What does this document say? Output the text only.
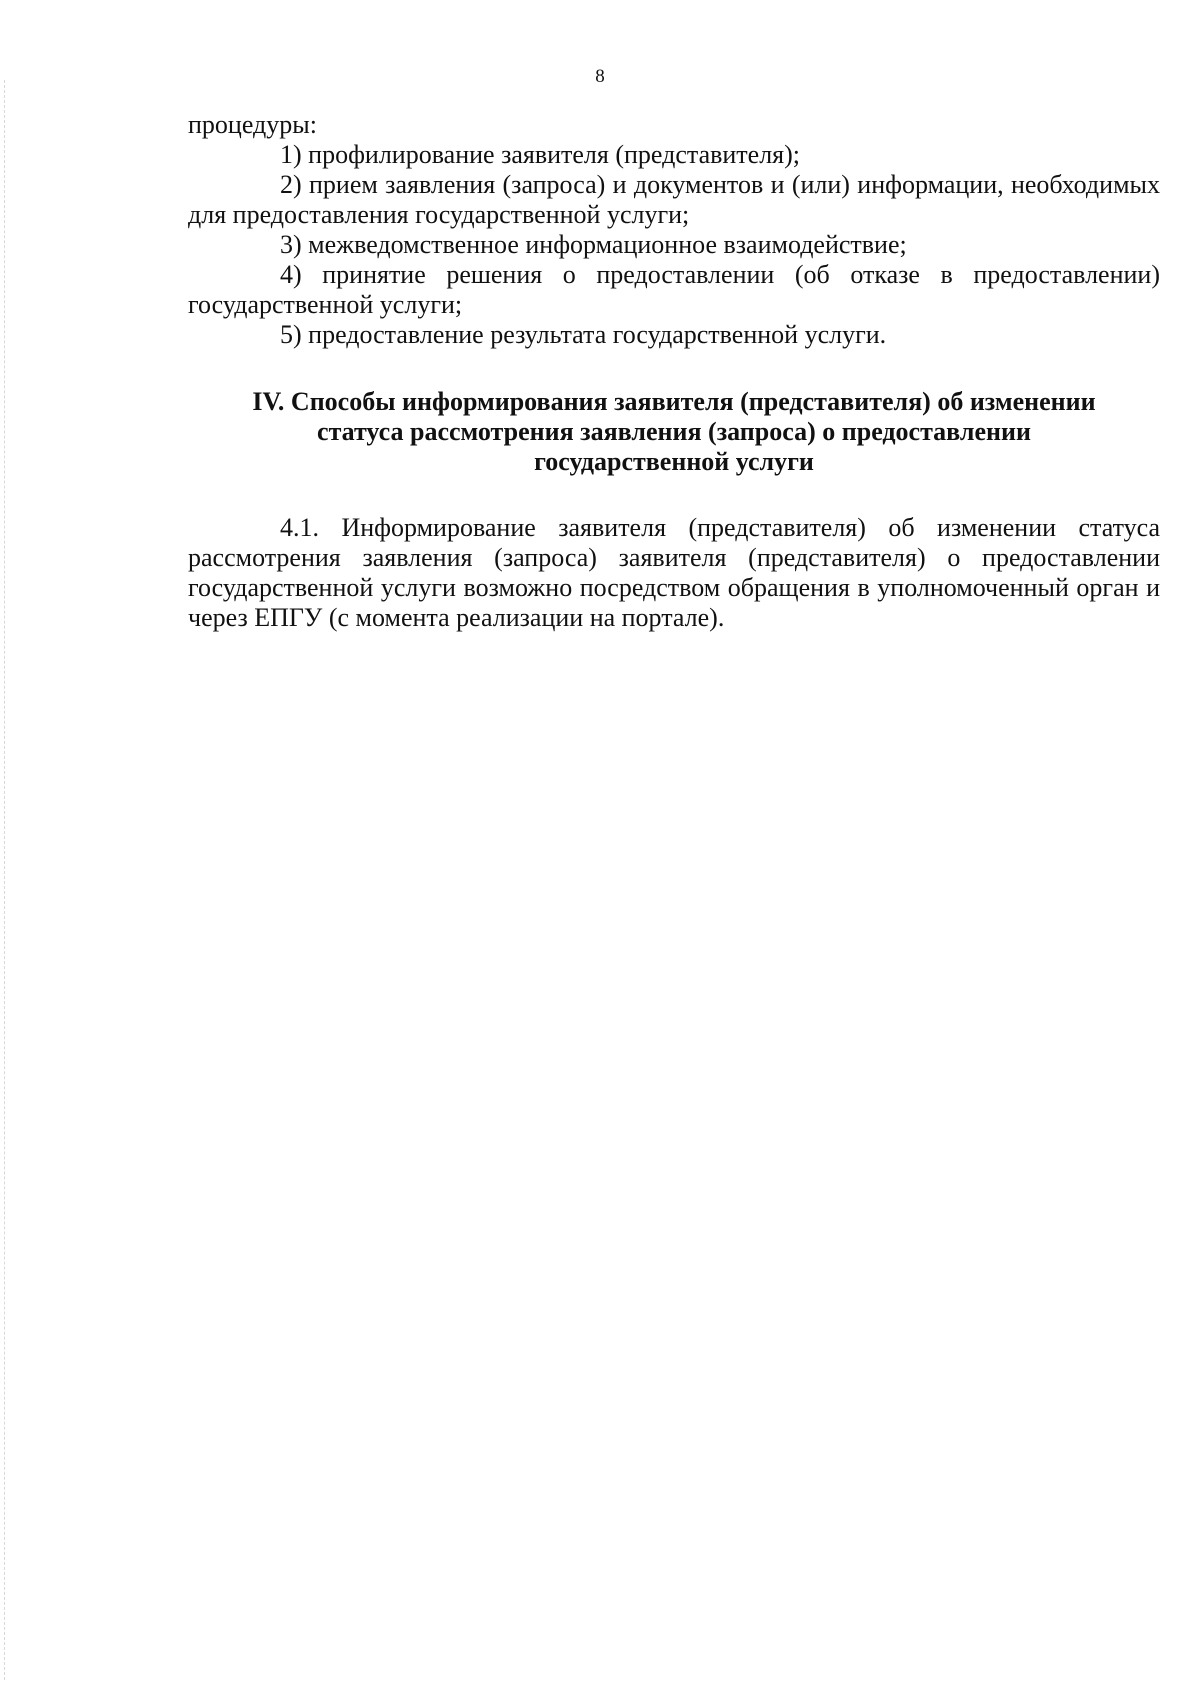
8

процедуры:

1) профилирование заявителя (представителя);

2) прием заявления (запроса) и документов и (или) информации, необходимых для предоставления государственной услуги;

3) межведомственное информационное взаимодействие;

4) принятие решения о предоставлении (об отказе в предоставлении) государственной услуги;

5) предоставление результата государственной услуги.

IV. Способы информирования заявителя (представителя) об изменении
статуса рассмотрения заявления (запроса) о предоставлении
государственной услуги

4.1. Информирование заявителя (представителя) об изменении статуса рассмотрения заявления (запроса) заявителя (представителя) о предоставлении государственной услуги возможно посредством обращения в уполномоченный орган и через ЕПГУ (с момента реализации на портале).
